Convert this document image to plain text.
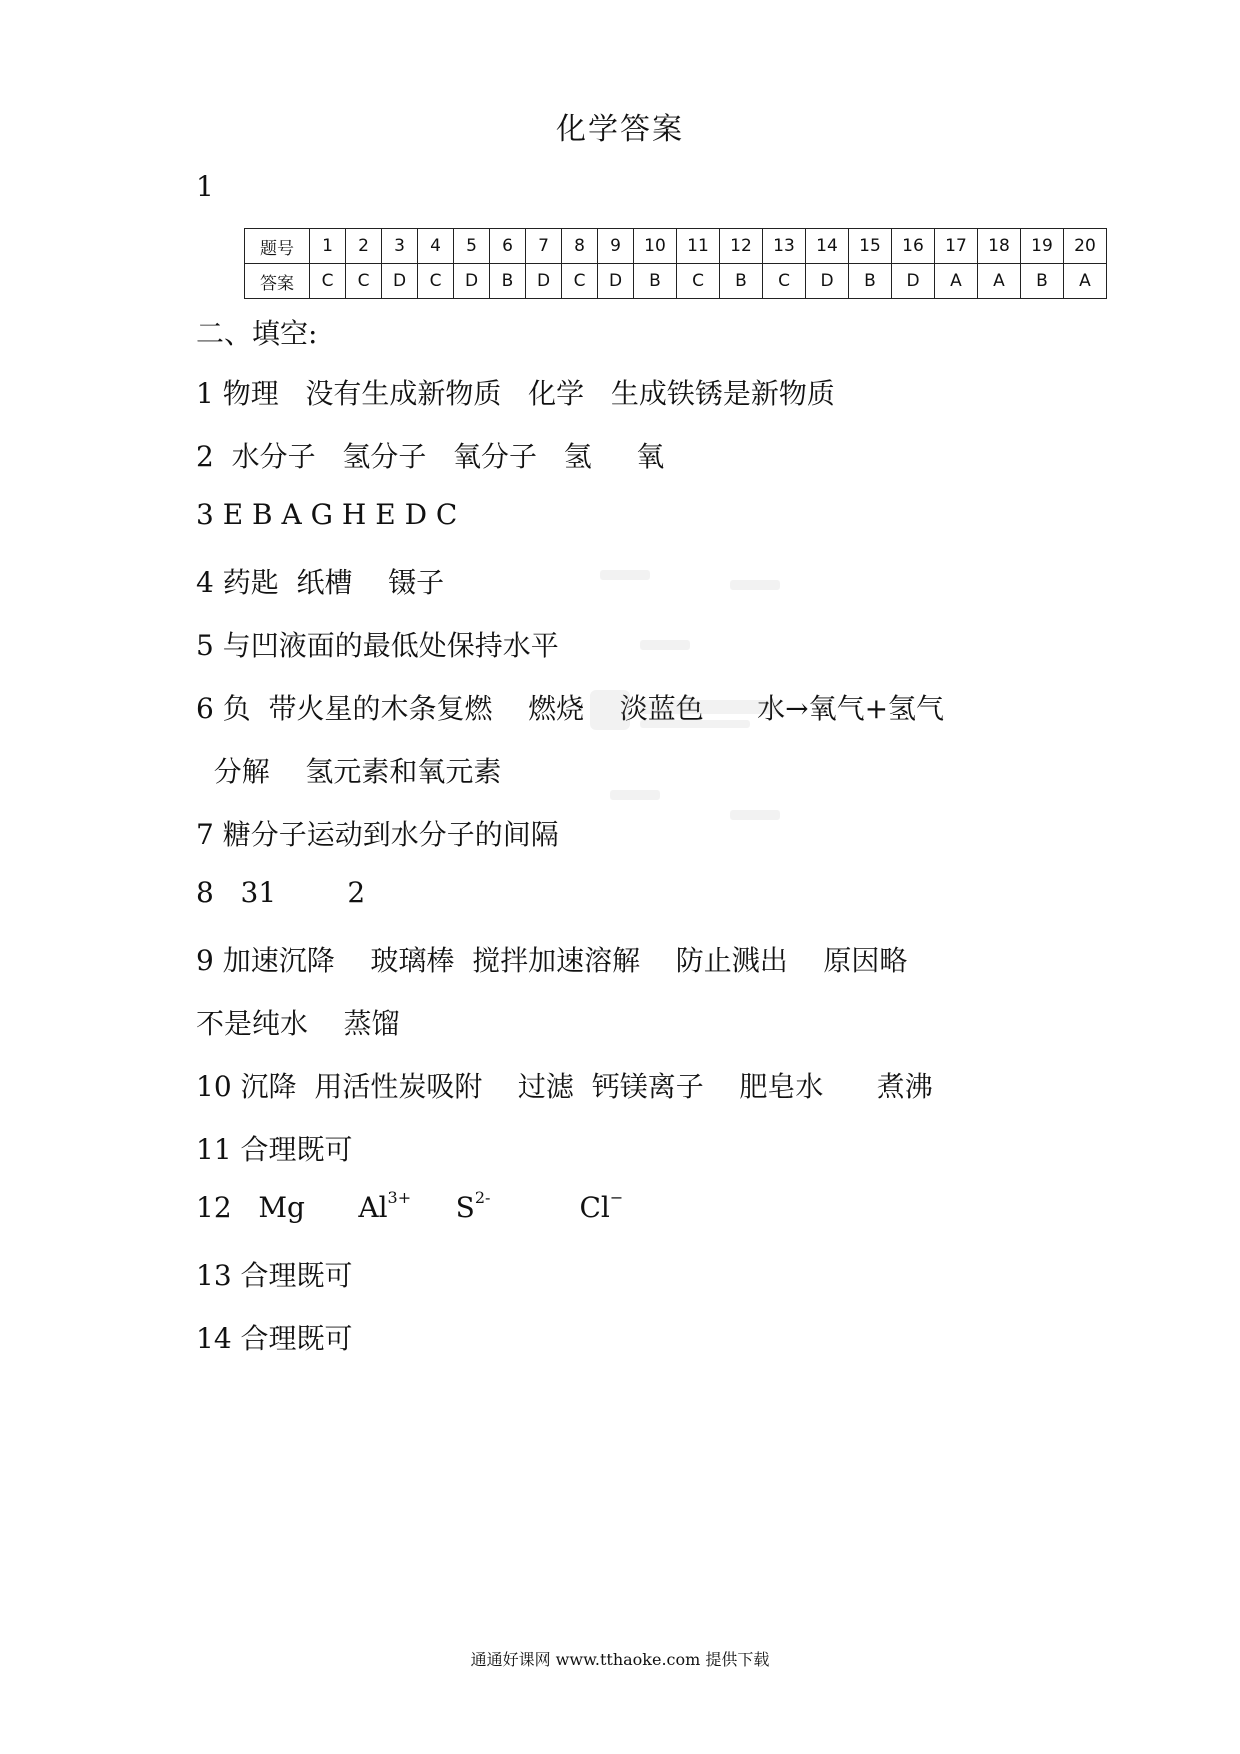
化学答案
1
题号	1	2	3	4	5	6	7	8	9	10	11	12	13	14	15	16	17	18	19	20
答案	C	C	D	C	D	B	D	C	D	B	C	B	C	D	B	D	A	A	B	A
二、填空:
1 物理   没有生成新物质   化学   生成铁锈是新物质
2  水分子   氢分子   氧分子   氢     氧
3 E B A G H E D C
4 药匙  纸槽    镊子
5 与凹液面的最低处保持水平
6 负  带火星的木条复燃    燃烧    淡蓝色      水→氧气+氢气
分解    氢元素和氧元素
7 糖分子运动到水分子的间隔
8   31        2
9 加速沉降    玻璃棒  搅拌加速溶解    防止溅出    原因略
不是纯水    蒸馏
10 沉降  用活性炭吸附    过滤  钙镁离子    肥皂水      煮沸
11 合理既可
12 Mg $Al^{3+}$ $S^{2-}$	Cl−
13 合理既可
14 合理既可
通通好课网 www.tthaoke.com 提供下载
